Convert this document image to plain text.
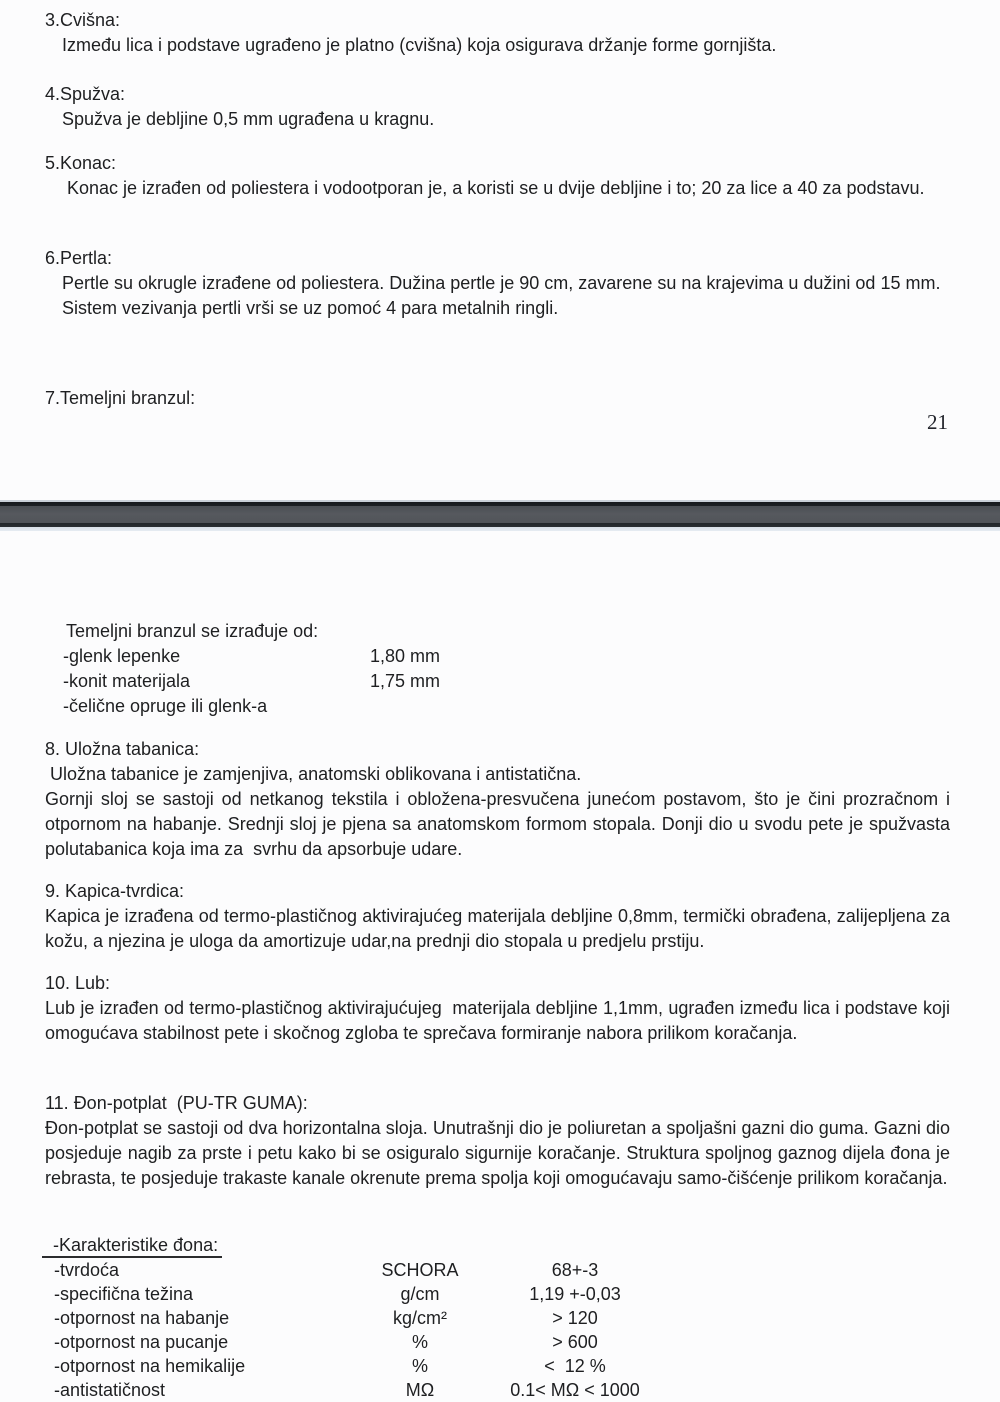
3.Cvišna:
Između lica i podstave ugrađeno je platno (cvišna) koja osigurava držanje forme gornjišta.
4.Spužva:
Spužva je debljine 0,5 mm ugrađena u kragnu.
5.Konac:
Konac je izrađen od poliestera i vodootporan je, a koristi se u dvije debljine i to; 20 za lice a 40 za podstavu.
6.Pertla:
Pertle su okrugle izrađene od poliestera. Dužina pertle je 90 cm, zavarene su na krajevima u dužini od 15 mm.
Sistem vezivanja pertli vrši se uz pomoć 4 para metalnih ringli.
7.Temeljni branzul:
21
Temeljni branzul se izrađuje od:
-glenk lepenke	1,80 mm
-konit materijala	1,75 mm
-čelične opruge ili glenk-a
8. Uložna tabanica:
Uložna tabanice je zamjenjiva, anatomski oblikovana i antistatična.
Gornji sloj se sastoji od netkanog tekstila i obložena-presvučena junećom postavom, što je čini prozračnom i otpornom na habanje. Srednji sloj je pjena sa anatomskom formom stopala. Donji dio u svodu pete je spužvasta polutabanica koja ima za  svrhu da apsorbuje udare.
9. Kapica-tvrdica:
Kapica je izrađena od termo-plastičnog aktivirajućeg materijala debljine 0,8mm, termički obrađena, zalijepljena za kožu, a njezina je uloga da amortizuje udar,na prednji dio stopala u predjelu prstiju.
10. Lub:
Lub je izrađen od termo-plastičnog aktivirajućujeg  materijala debljine 1,1mm, ugrađen između lica i podstave koji omogućava stabilnost pete i skočnog zgloba te sprečava formiranje nabora prilikom koračanja.
11. Đon-potplat  (PU-TR GUMA):
Đon-potplat se sastoji od dva horizontalna sloja. Unutrašnji dio je poliuretan a spoljašni gazni dio guma. Gazni dio posjeduje nagib za prste i petu kako bi se osiguralo sigurnije koračanje. Struktura spoljnog gaznog dijela đona je rebrasta, te posjeduje trakaste kanale okrenute prema spolja koji omogućavaju samo-čišćenje prilikom koračanja.
-Karakteristike đona:
-tvrdoća	SCHORA	68+-3
-specifična težina	g/cm	1,19 +-0,03
-otpornost na habanje	kg/cm²	> 120
-otpornost na pucanje	%	> 600
-otpornost na hemikalije	%	<  12 %
-antistatičnost	MΩ	0.1< MΩ < 1000
